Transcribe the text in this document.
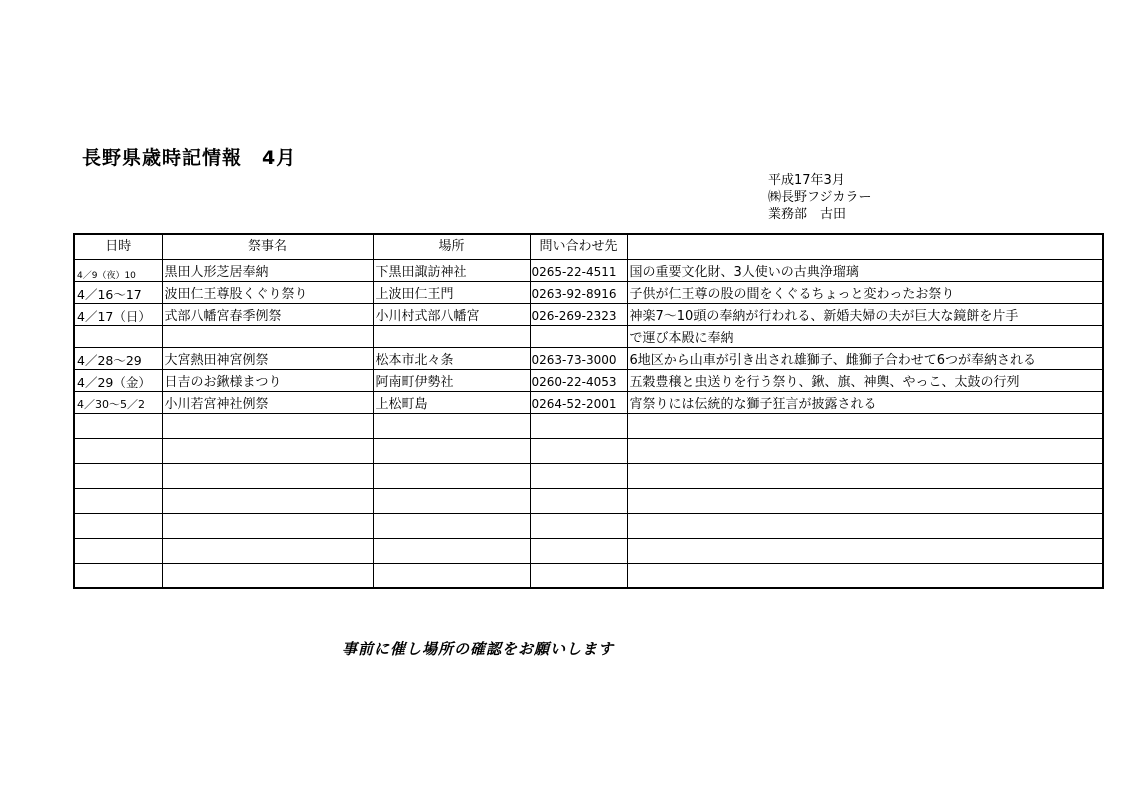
長野県歳時記情報　4月
平成17年3月
㈱長野フジカラー
業務部　古田
日時	祭事名	場所	問い合わせ先	
4／9（夜）10	黒田人形芝居奉納	下黒田諏訪神社	0265-22-4511	国の重要文化財、3人使いの古典浄瑠璃
4／16～17	波田仁王尊股くぐり祭り	上波田仁王門	0263-92-8916	子供が仁王尊の股の間をくぐるちょっと変わったお祭り
4／17（日）	式部八幡宮春季例祭	小川村式部八幡宮	026-269-2323	神楽7～10頭の奉納が行われる、新婚夫婦の夫が巨大な鏡餅を片手
				で運び本殿に奉納
4／28～29	大宮熱田神宮例祭	松本市北々条	0263-73-3000	6地区から山車が引き出され雄獅子、雌獅子合わせて6つが奉納される
4／29（金）	日吉のお鍬様まつり	阿南町伊勢社	0260-22-4053	五穀豊穣と虫送りを行う祭り、鍬、旗、神輿、やっこ、太鼓の行列
4／30～5／2	小川若宮神社例祭	上松町島	0264-52-2001	宵祭りには伝統的な獅子狂言が披露される

事前に催し場所の確認をお願いします
